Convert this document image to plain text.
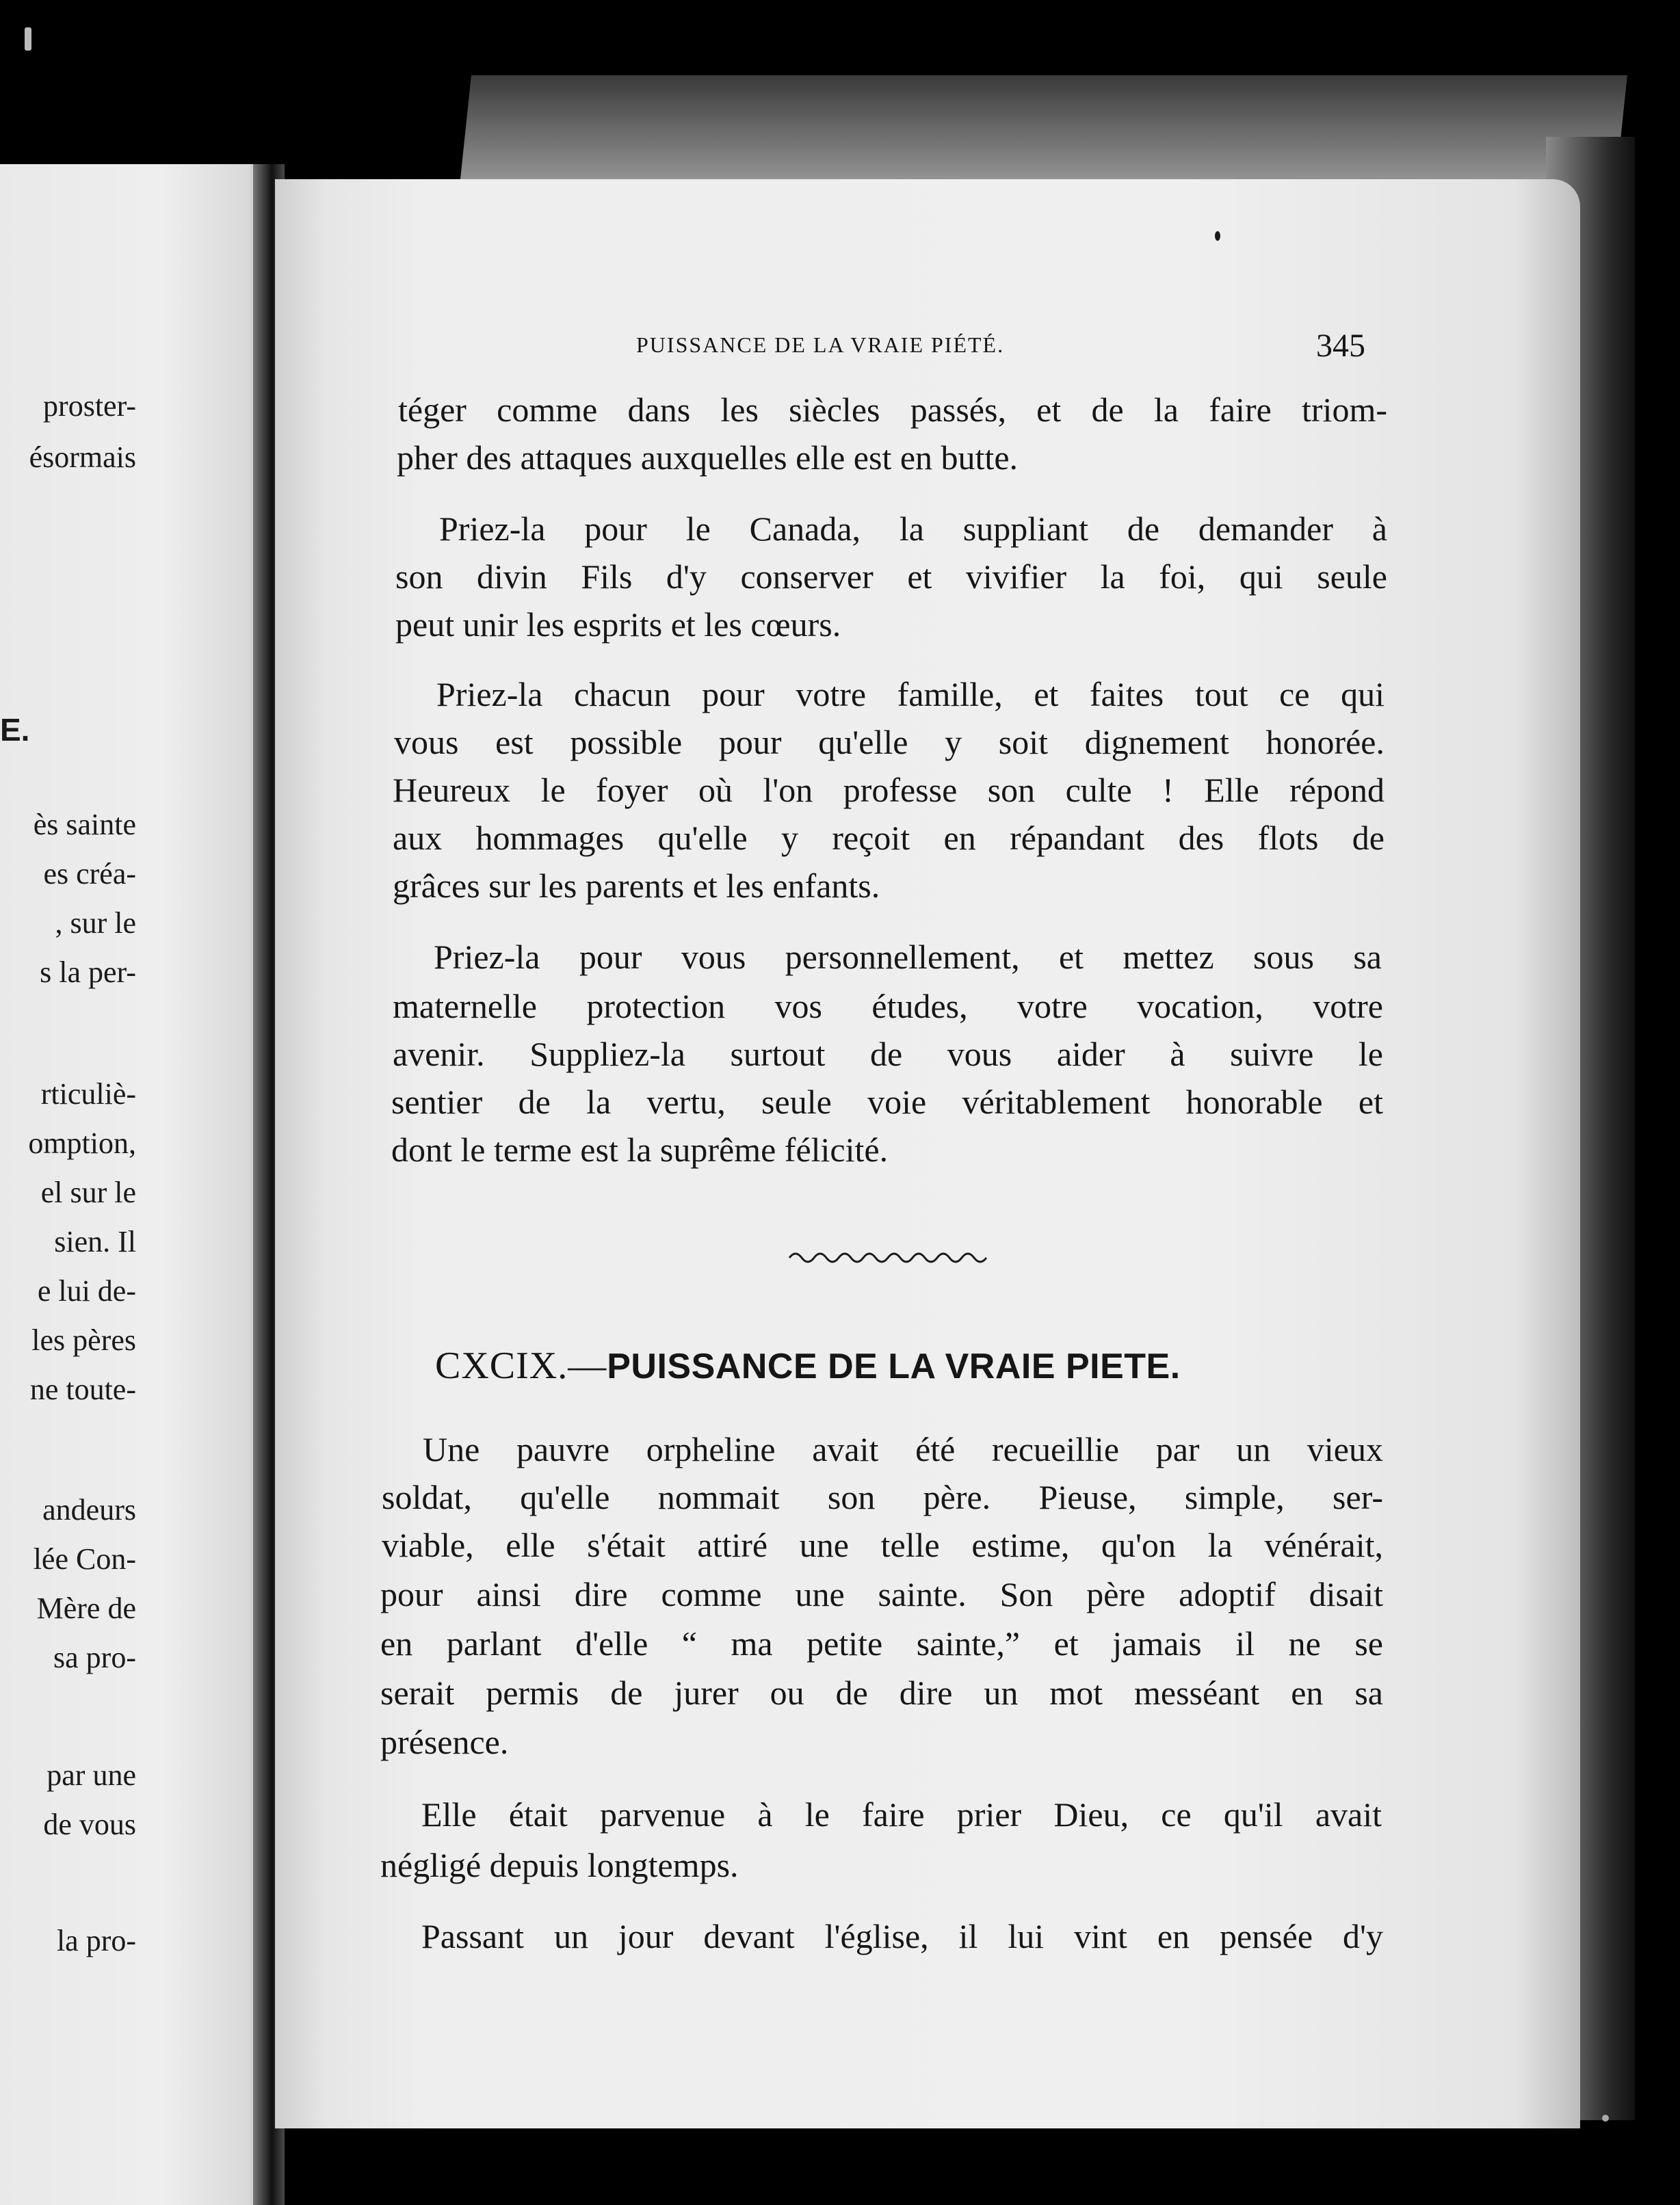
proster-
ésormais
E.
ès sainte
es créa-
, sur le
s la per-
rticuliè-
omption,
el sur le
sien. Il
e lui de-
les pères
ne toute-
andeurs
lée Con-
Mère de
sa pro-
par une
de vous
la pro-
PUISSANCE DE LA VRAIE PIÉTÉ.	345
téger comme dans les siècles passés, et de la faire triom-
pher des attaques auxquelles elle est en butte.
Priez-la pour le Canada, la suppliant de demander à
son divin Fils d'y conserver et vivifier la foi, qui seule
peut unir les esprits et les cœurs.
Priez-la chacun pour votre famille, et faites tout ce qui
vous est possible pour qu'elle y soit dignement honorée.
Heureux le foyer où l'on professe son culte ! Elle répond
aux hommages qu'elle y reçoit en répandant des flots de
grâces sur les parents et les enfants.
Priez-la pour vous personnellement, et mettez sous sa
maternelle protection vos études, votre vocation, votre
avenir. Suppliez-la surtout de vous aider à suivre le
sentier de la vertu, seule voie véritablement honorable et
dont le terme est la suprême félicité.
CXCIX.—PUISSANCE DE LA VRAIE PIETE.
Une pauvre orpheline avait été recueillie par un vieux
soldat, qu'elle nommait son père. Pieuse, simple, ser-
viable, elle s'était attiré une telle estime, qu'on la vénérait,
pour ainsi dire comme une sainte. Son père adoptif disait
en parlant d'elle “ ma petite sainte,” et jamais il ne se
serait permis de jurer ou de dire un mot messéant en sa
présence.
Elle était parvenue à le faire prier Dieu, ce qu'il avait
négligé depuis longtemps.
Passant un jour devant l'église, il lui vint en pensée d'y
